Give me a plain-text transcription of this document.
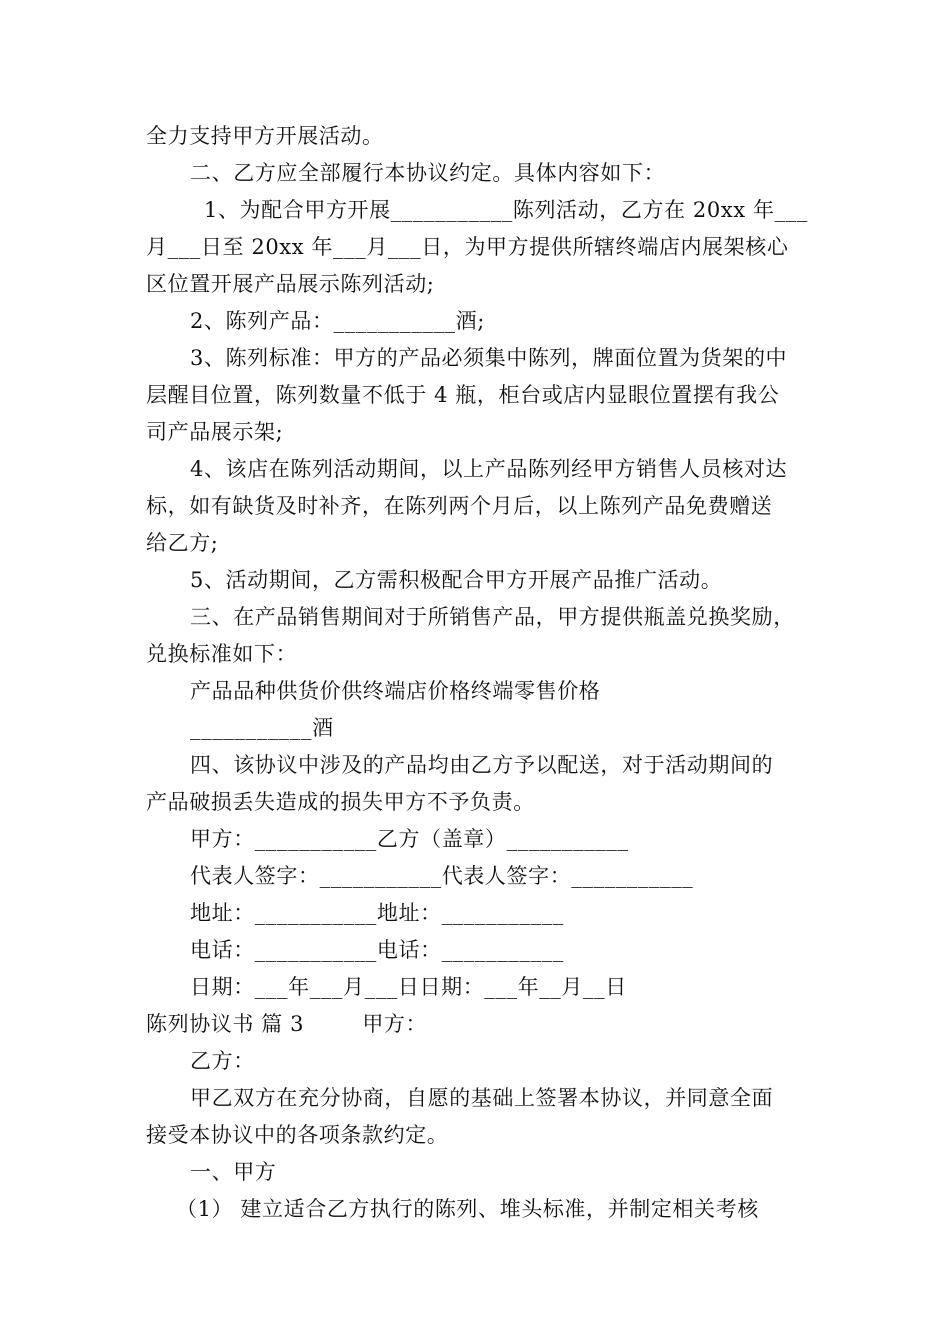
全力支持甲方开展活动。
二、乙方应全部履行本协议约定。具体内容如下：
1、为配合甲方开展___________陈列活动，乙方在 20xx 年___
月___日至 20xx 年___月___日，为甲方提供所辖终端店内展架核心
区位置开展产品展示陈列活动;
2、陈列产品：___________酒;
3、陈列标准：甲方的产品必须集中陈列，牌面位置为货架的中
层醒目位置，陈列数量不低于 4 瓶，柜台或店内显眼位置摆有我公
司产品展示架;
4、该店在陈列活动期间，以上产品陈列经甲方销售人员核对达
标，如有缺货及时补齐，在陈列两个月后，以上陈列产品免费赠送
给乙方;
5、活动期间，乙方需积极配合甲方开展产品推广活动。
三、在产品销售期间对于所销售产品，甲方提供瓶盖兑换奖励，
兑换标准如下：
产品品种供货价供终端店价格终端零售价格
___________酒
四、该协议中涉及的产品均由乙方予以配送，对于活动期间的
产品破损丢失造成的损失甲方不予负责。
甲方：___________乙方（盖章）___________
代表人签字：___________代表人签字：___________
地址：___________地址：___________
电话：___________电话：___________
日期：___年___月___日日期：___年__月__日
陈列协议书 篇 3        甲方：
乙方：
甲乙双方在充分协商，自愿的基础上签署本协议，并同意全面
接受本协议中的各项条款约定。
一、甲方
（1） 建立适合乙方执行的陈列、堆头标准，并制定相关考核
